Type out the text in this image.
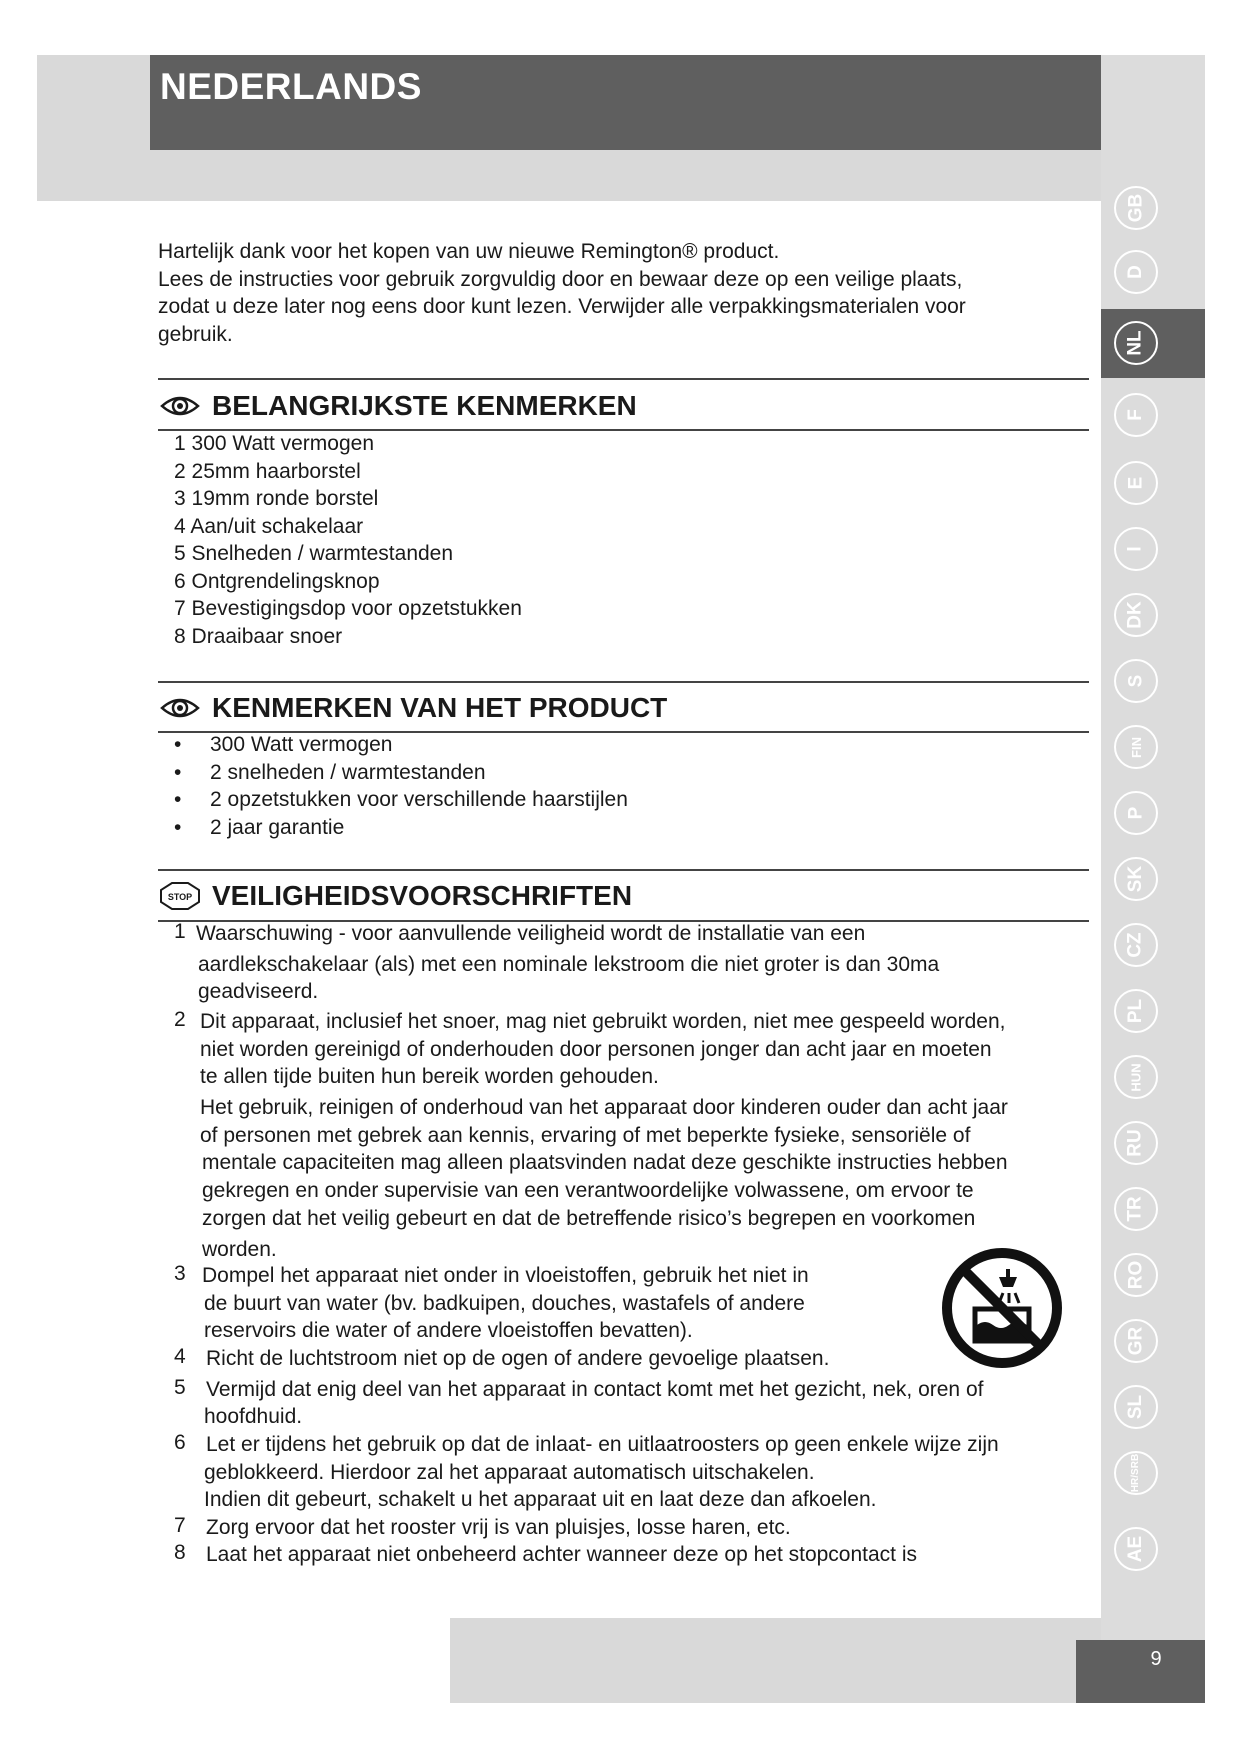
NEDERLANDS
GB
D
NL
F
E
I
DK
S
FIN
P
SK
CZ
PL
HUN
RU
TR
RO
GR
SL
HR/SRB
AE
Hartelijk dank voor het kopen van uw nieuwe Remington® product.
Lees de instructies voor gebruik zorgvuldig door en bewaar deze op een veilige plaats,
zodat u deze later nog eens door kunt lezen. Verwijder alle verpakkingsmaterialen voor
gebruik.
BELANGRIJKSTE KENMERKEN
1 300 Watt vermogen
2 25mm haarborstel
3 19mm ronde borstel
4 Aan/uit schakelaar
5 Snelheden / warmtestanden
6 Ontgrendelingsknop
7 Bevestigingsdop voor opzetstukken
8 Draaibaar snoer
KENMERKEN VAN HET PRODUCT
• 300 Watt vermogen
• 2 snelheden / warmtestanden
• 2 opzetstukken voor verschillende haarstijlen
• 2 jaar garantie
STOP VEILIGHEIDSVOORSCHRIFTEN
1
2
3
4
5
6
7
8
Waarschuwing - voor aanvullende veiligheid wordt de installatie van een
aardlekschakelaar (als) met een nominale lekstroom die niet groter is dan 30ma
geadviseerd.
Dit apparaat, inclusief het snoer, mag niet gebruikt worden, niet mee gespeeld worden,
niet worden gereinigd of onderhouden door personen jonger dan acht jaar en moeten
te allen tijde buiten hun bereik worden gehouden.
Het gebruik, reinigen of onderhoud van het apparaat door kinderen ouder dan acht jaar
of personen met gebrek aan kennis, ervaring of met beperkte fysieke, sensoriële of
mentale capaciteiten mag alleen plaatsvinden nadat deze geschikte instructies hebben
gekregen en onder supervisie van een verantwoordelijke volwassene, om ervoor te
zorgen dat het veilig gebeurt en dat de betreffende risico’s begrepen en voorkomen
worden.
Dompel het apparaat niet onder in vloeistoffen, gebruik het niet in
de buurt van water (bv. badkuipen, douches, wastafels of andere
reservoirs die water of andere vloeistoffen bevatten).
Richt de luchtstroom niet op de ogen of andere gevoelige plaatsen.
Vermijd dat enig deel van het apparaat in contact komt met het gezicht, nek, oren of
hoofdhuid.
Let er tijdens het gebruik op dat de inlaat- en uitlaatroosters op geen enkele wijze zijn
geblokkeerd. Hierdoor zal het apparaat automatisch uitschakelen.
Indien dit gebeurt, schakelt u het apparaat uit en laat deze dan afkoelen.
Zorg ervoor dat het rooster vrij is van pluisjes, losse haren, etc.
Laat het apparaat niet onbeheerd achter wanneer deze op het stopcontact is
9
